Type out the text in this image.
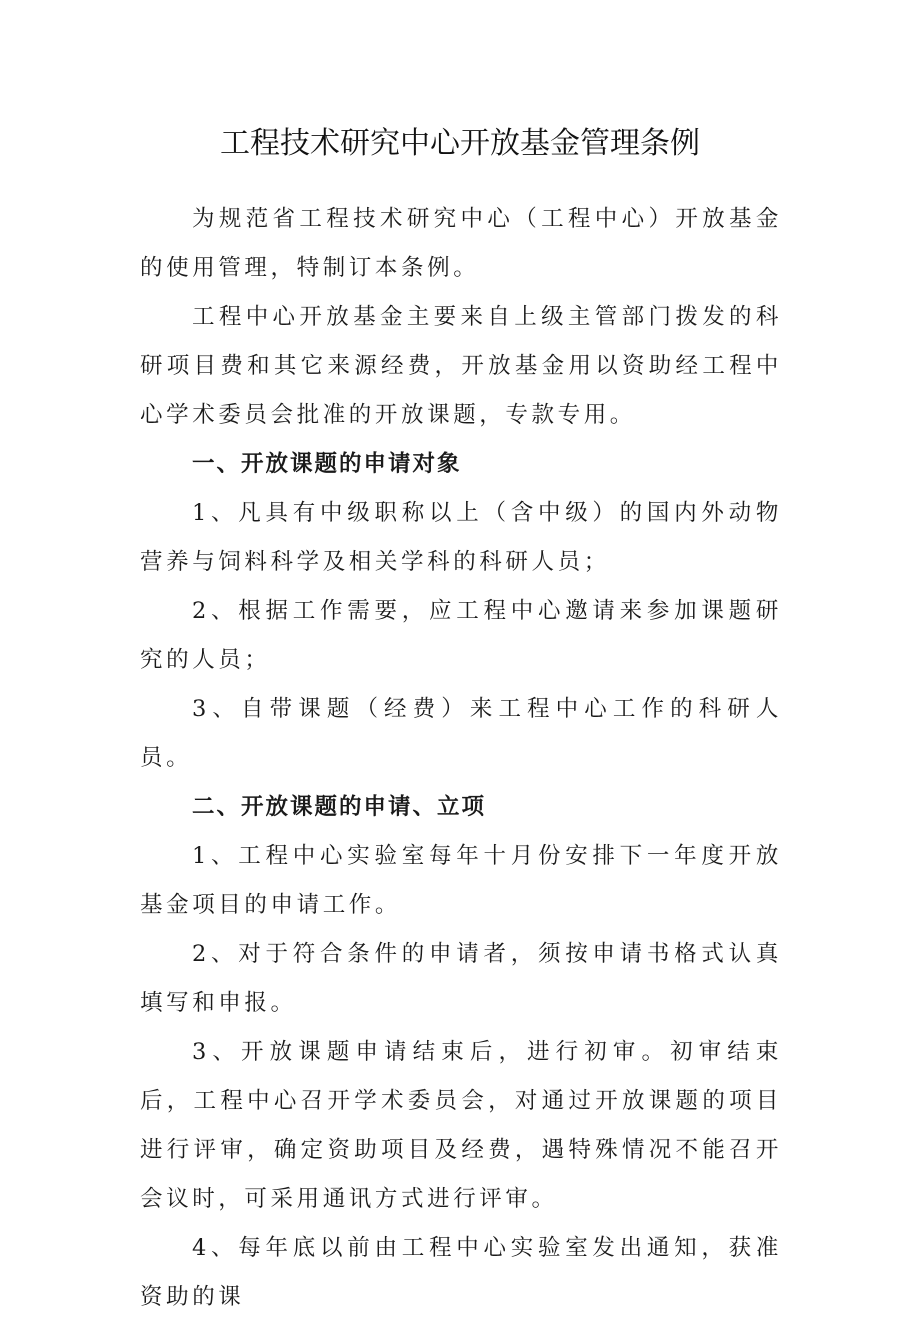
工程技术研究中心开放基金管理条例

为规范省工程技术研究中心（工程中心）开放基金的使用管理，特制订本条例。

工程中心开放基金主要来自上级主管部门拨发的科研项目费和其它来源经费，开放基金用以资助经工程中心学术委员会批准的开放课题，专款专用。

一、开放课题的申请对象

1、凡具有中级职称以上（含中级）的国内外动物营养与饲料科学及相关学科的科研人员；

2、根据工作需要，应工程中心邀请来参加课题研究的人员；

3、自带课题（经费）来工程中心工作的科研人员。

二、开放课题的申请、立项

1、工程中心实验室每年十月份安排下一年度开放基金项目的申请工作。

2、对于符合条件的申请者，须按申请书格式认真填写和申报。

3、开放课题申请结束后，进行初审。初审结束后，工程中心召开学术委员会，对通过开放课题的项目进行评审，确定资助项目及经费，遇特殊情况不能召开会议时，可采用通讯方式进行评审。

4、每年底以前由工程中心实验室发出通知，获准资助的课
